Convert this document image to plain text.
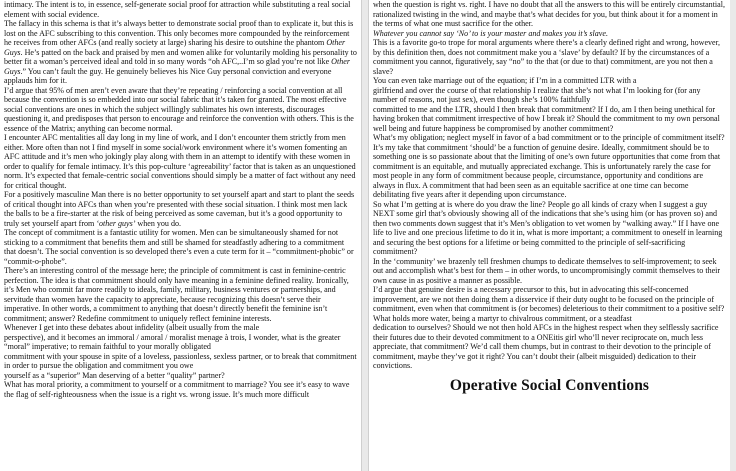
intimacy. The intent is to, in essence, self-generate social proof for attraction while substituting a real social element with social evidence.

The fallacy in this schema is that it’s always better to demonstrate social proof than to explicate it, but this is lost on the AFC subscribing to this convention. This only becomes more compounded by the reinforcement he receives from other AFCs (and really society at large) sharing his desire to outshine the phantom Other Guys. He’s patted on the back and praised by men and women alike for voluntarily molding his personality to better fit a woman’s perceived ideal and told in so many words “oh AFC,..I’m so glad you’re not like Other Guys.” You can’t fault the guy. He genuinely believes his Nice Guy personal conviction and everyone applauds him for it.

I’d argue that 95% of men aren’t even aware that they’re repeating / reinforcing a social convention at all because the convention is so embedded into our social fabric that it’s taken for granted. The most effective social conventions are ones in which the subject willingly sublimates his own interests, discourages questioning it, and predisposes that person to encourage and reinforce the convention with others. This is the essence of the Matrix; anything can become normal.

I encounter AFC mentalities all day long in my line of work, and I don’t encounter them strictly from men either. More often than not I find myself in some social/work environment where it’s women fomenting an AFC attitude and it’s men who jokingly play along with them in an attempt to identify with these women in order to qualify for female intimacy. It’s this pop-culture ‘agreeability’ factor that is taken as an unquestioned norm. It’s expected that female-centric social conventions should simply be a matter of fact without any need for critical thought.

For a positively masculine Man there is no better opportunity to set yourself apart and start to plant the seeds of critical thought into AFCs than when you’re presented with these social situation. I think most men lack the balls to be a fire-starter at the risk of being perceived as some caveman, but it’s a good opportunity to truly set yourself apart from ‘other guys’ when you do.

The concept of commitment is a fantastic utility for women. Men can be simultaneously shamed for not sticking to a commitment that benefits them and still be shamed for steadfastly adhering to a commitment that doesn’t. The social convention is so developed there’s even a cute term for it – “commitment-phobic” or “commit-o-phobe”.

There’s an interesting control of the message here; the principle of commitment is cast in feminine-centric perfection. The idea is that commitment should only have meaning in a feminine defined reality. Ironically, it’s Men who commit far more readily to ideals, family, military, business ventures or partnerships, and servitude than women have the capacity to appreciate, because recognizing this doesn’t serve their imperative. In other words, a commitment to anything that doesn’t directly benefit the feminine isn’t

commitment; answer? Redefine commitment to uniquely reflect feminine interests.

Whenever I get into these debates about infidelity (albeit usually from the male

perspective), and it becomes an immoral / amoral / moralist menage à trois, I wonder, what is the greater “moral” imperative; to remain faithful to your morally obligated

commitment with your spouse in spite of a loveless, passionless, sexless partner, or to break that commitment in order to pursue the obligation and commitment you owe

yourself as a “superior” Man deserving of a better “quality” partner?

What has moral priority, a commitment to yourself or a commitment to marriage? You see it’s easy to wave the flag of self-righteousness when the issue is a right vs. wrong issue. It’s much more difficult

when the question is right vs. right. I have no doubt that all the answers to this will be entirely circumstantial, rationalized twisting in the wind, and maybe that’s what decides for you, but think about it for a moment in the terms of what one must sacrifice for the other.

Whatever you cannot say ‘No’ to is your master and makes you it’s slave.

This is a favorite go-to trope for moral arguments where there’s a clearly defined right and wrong, however, by this definition then, does not commitment make you a ‘slave’ by default? If by the circumstances of a commitment you cannot, figuratively, say “no” to the that (or due to that) commitment, are you not then a slave?

You can even take marriage out of the equation; if I’m in a committed LTR with a

girlfriend and over the course of that relationship I realize that she’s not what I’m looking for (for any number of reasons, not just sex), even though she’s 100% faithfully

committed to me and the LTR, should I then break that commitment? If I do, am I then being unethical for having broken that commitment irrespective of how I break it? Should the commitment to my own personal well being and future happiness be compromised by another commitment?

What’s my obligation; neglect myself in favor of a bad commitment or to the principle of commitment itself?

It’s my take that commitment ‘should’ be a function of genuine desire. Ideally, commitment should be to something one is so passionate about that the limiting of one’s own future opportunities that come from that commitment is an equitable, and mutually appreciated exchange. This is unfortunately rarely the case for most people in any form of commitment because people, circumstance, opportunity and conditions are always in flux. A commitment that had been seen as an equitable sacrifice at one time can become debilitating five years after it depending upon circumstance.

So what I’m getting at is where do you draw the line? People go all kinds of crazy when I suggest a guy NEXT some girl that’s obviously showing all of the indications that she’s using him (or has proven so) and then two comments down suggest that it’s Men’s obligation to vet women by “walking away.” If I have one life to live and one precious lifetime to do it in, what is more important; a commitment to oneself in learning and securing the best options for a lifetime or being committed to the principle of self-sacrificing commitment?

In the ‘community’ we brazenly tell freshmen chumps to dedicate themselves to self-improvement; to seek out and accomplish what’s best for them – in other words, to uncompromisingly commit themselves to their own cause in as positive a manner as possible.

I’d argue that genuine desire is a necessary precursor to this, but in advocating this self-concerned improvement, are we not then doing them a disservice if their duty ought to be focused on the principle of commitment, even when that commitment is (or becomes) deleterious to their commitment to a positive self?

What holds more water, being a martyr to chivalrous commitment, or a steadfast

dedication to ourselves? Should we not then hold AFCs in the highest respect when they selflessly sacrifice their futures due to their devoted commitment to a ONEitis girl who’ll never reciprocate on, much less appreciate, that commitment? We’d call them chumps, but in contrast to their devotion to the principle of commitment, maybe they’ve got it right? You can’t doubt their (albeit misguided) dedication to their convictions.

Operative Social Conventions
